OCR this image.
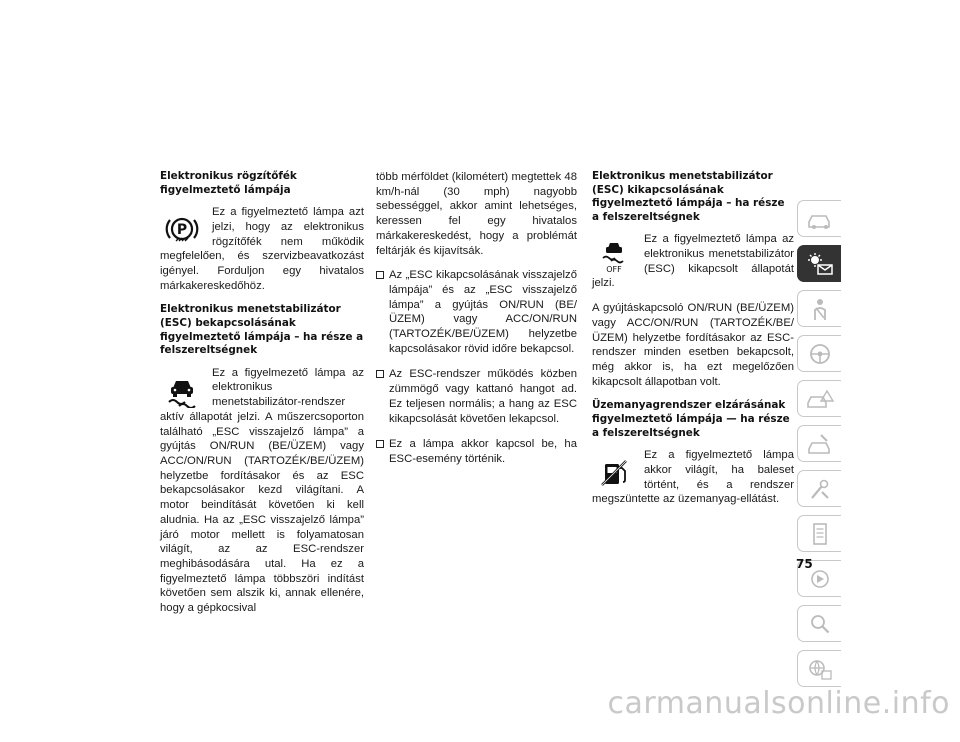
Elektronikus rögzítőfék figyelmeztető lámpája
P
Ez a figyelmeztető lámpa azt jelzi, hogy az elektronikus rögzítőfék nem működik megfelelően, és szervizbeavatkozást igényel. Forduljon egy hivatalos márkakereskedőhöz.
Elektronikus menetstabilizátor (ESC) bekapcsolásának figyelmeztető lámpája – ha része a felszereltségnek
Ez a figyelmezető lámpa az elektronikus menetstabilizátor-rendszer aktív állapotát jelzi. A műszercsoporton található „ESC visszajelző lámpa” a gyújtás ON/RUN (BE/ÜZEM) vagy ACC/ON/RUN (TARTOZÉK/BE/ÜZEM) helyzetbe fordításakor és az ESC bekapcsolásakor kezd világítani. A motor beindítását követően ki kell aludnia. Ha az „ESC visszajelző lámpa” járó motor mellett is folyamatosan világít, az az ESC-rendszer meghibásodására utal. Ha ez a figyelmeztető lámpa többszöri indítást követően sem alszik ki, annak ellenére, hogy a gépkocsival
több mérföldet (kilométert) megtettek 48 km/h-nál (30 mph) nagyobb sebességgel, akkor amint lehetséges, keressen fel egy hivatalos márkakereskedést, hogy a problémát feltárják és kijavítsák.
Az „ESC kikapcsolásának visszajelző lámpája” és az „ESC visszajelző lámpa” a gyújtás ON/RUN (BE/ÜZEM) vagy ACC/ON/RUN (TARTOZÉK/BE/ÜZEM) helyzetbe kapcsolásakor rövid időre bekapcsol.
Az ESC-rendszer működés közben zümmögő vagy kattanó hangot ad. Ez teljesen normális; a hang az ESC kikapcsolását követően lekapcsol.
Ez a lámpa akkor kapcsol be, ha ESC-esemény történik.
Elektronikus menetstabilizátor (ESC) kikapcsolásának figyelmeztető lámpája – ha része a felszereltségnek
OFF
Ez a figyelmeztető lámpa az elektronikus menetstabilizátor (ESC) kikapcsolt állapotát jelzi.
A gyújtáskapcsoló ON/RUN (BE/ÜZEM) vagy ACC/ON/RUN (TARTOZÉK/BE/ÜZEM) helyzetbe fordításakor az ESC-rendszer minden esetben bekapcsolt, még akkor is, ha ezt megelőzően kikapcsolt állapotban volt.
Üzemanyagrendszer elzárásának figyelmeztető lámpája — ha része a felszereltségnek
Ez a figyelmeztető lámpa akkor világít, ha baleset történt, és a rendszer megszüntette az üzemanyag-ellátást.
75
carmanualsonline.info
